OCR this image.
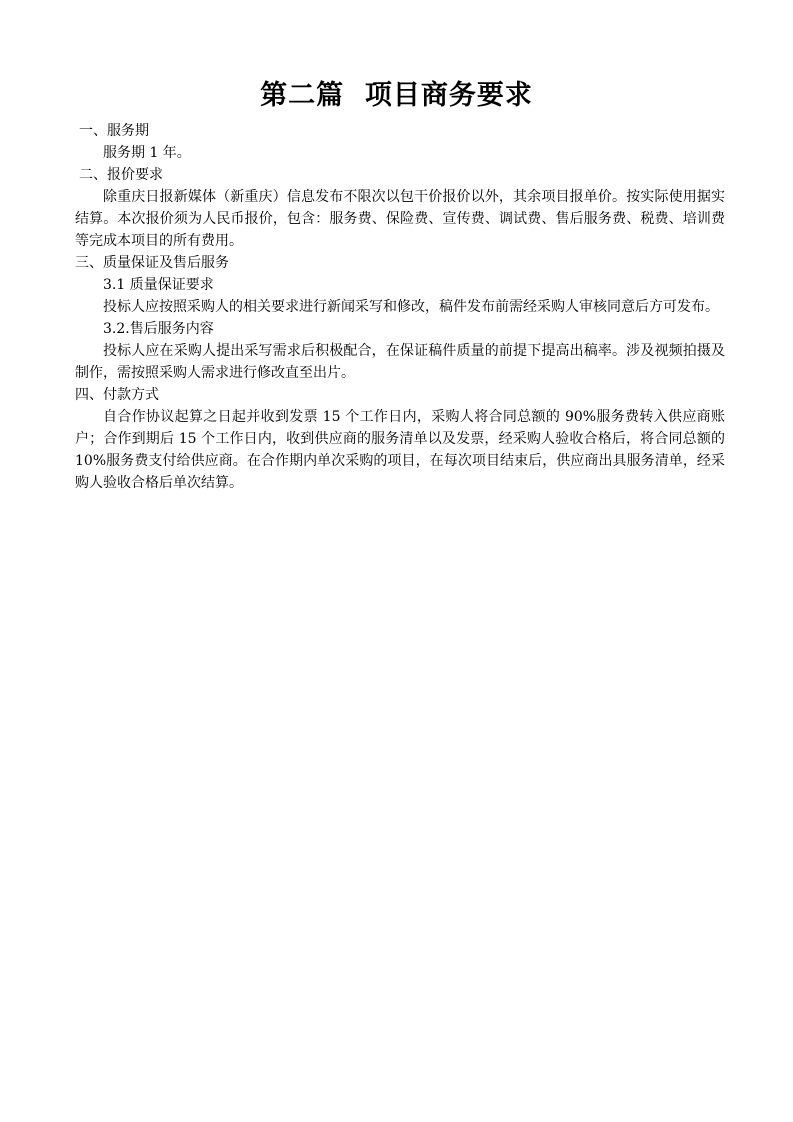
第二篇  项目商务要求

一、服务期

服务期 1 年。

二、报价要求

除重庆日报新媒体（新重庆）信息发布不限次以包干价报价以外，其余项目报单价。按实际使用据实结算。本次报价须为人民币报价，包含：服务费、保险费、宣传费、调试费、售后服务费、税费、培训费等完成本项目的所有费用。

三、质量保证及售后服务

3.1 质量保证要求

投标人应按照采购人的相关要求进行新闻采写和修改，稿件发布前需经采购人审核同意后方可发布。

3.2.售后服务内容

投标人应在采购人提出采写需求后积极配合，在保证稿件质量的前提下提高出稿率。涉及视频拍摄及制作，需按照采购人需求进行修改直至出片。

四、付款方式

自合作协议起算之日起并收到发票 15 个工作日内，采购人将合同总额的 90%服务费转入供应商账户；合作到期后 15 个工作日内，收到供应商的服务清单以及发票，经采购人验收合格后，将合同总额的 10%服务费支付给供应商。在合作期内单次采购的项目，在每次项目结束后，供应商出具服务清单，经采购人验收合格后单次结算。
